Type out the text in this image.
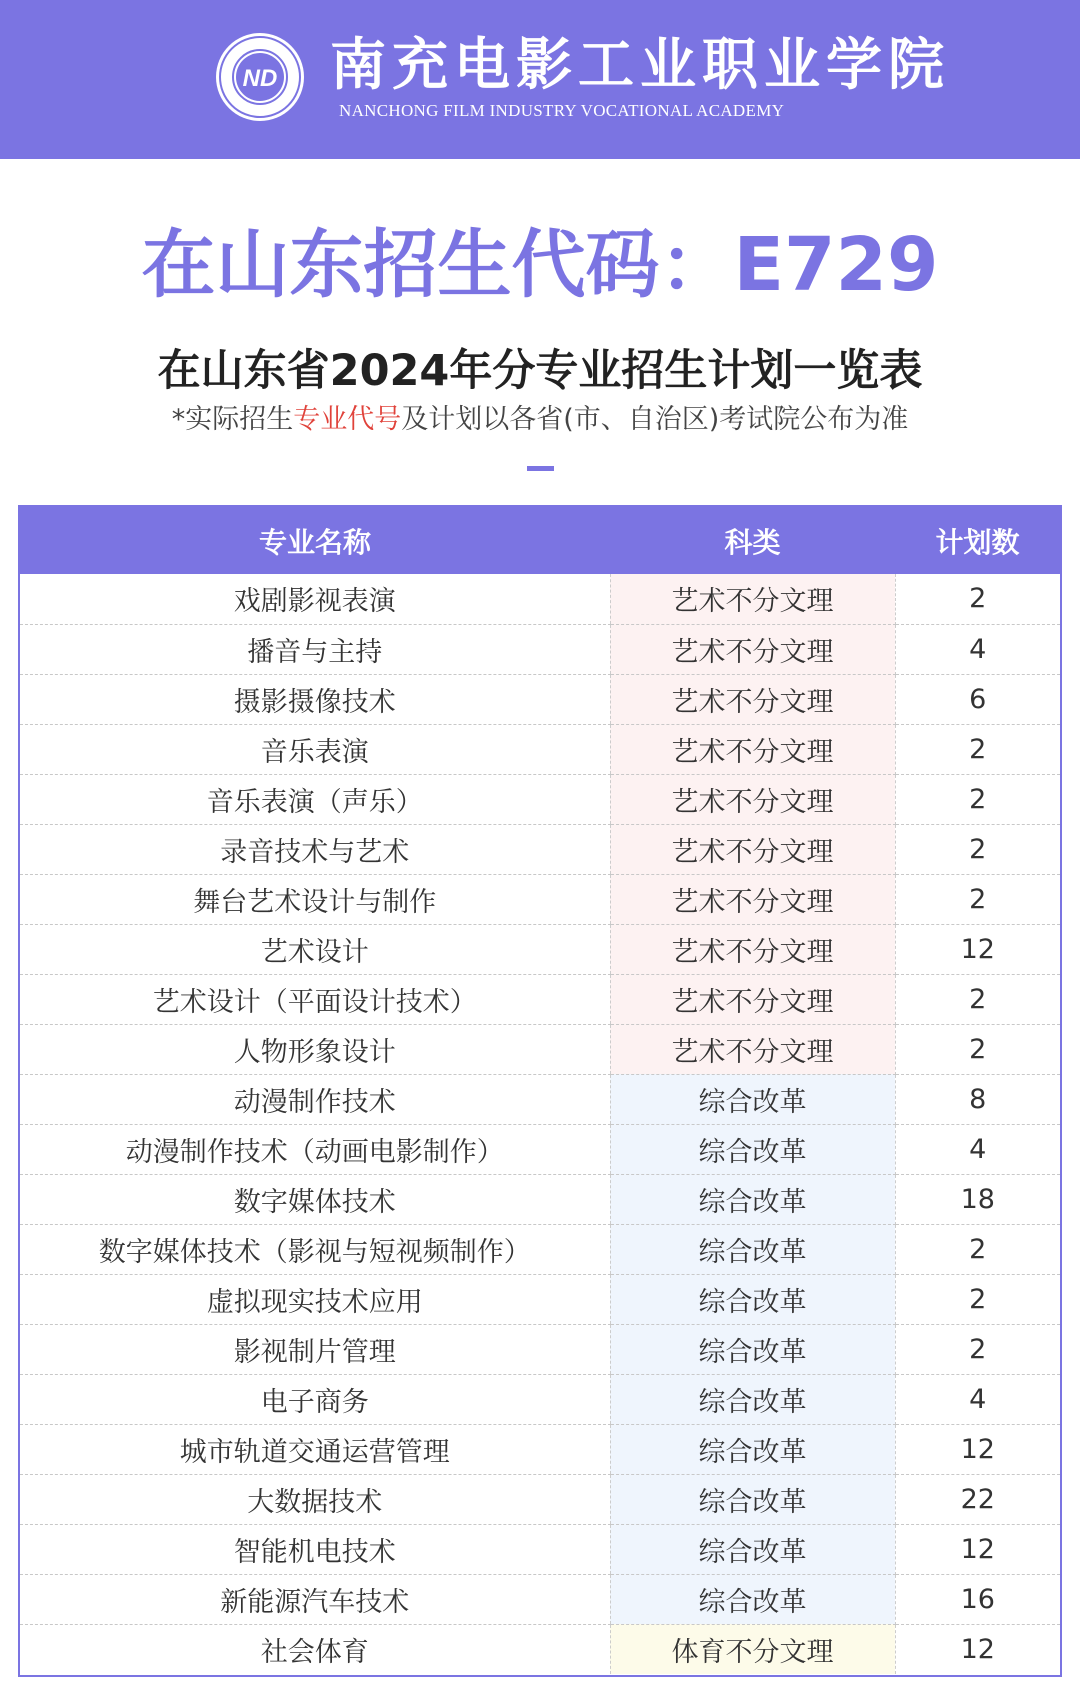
ND 南充电影工业职业学院
NANCHONG FILM INDUSTRY VOCATIONAL ACADEMY
在山东招生代码：E729
在山东省2024年分专业招生计划一览表
*实际招生专业代号及计划以各省(市、自治区)考试院公布为准
专业名称	科类	计划数
戏剧影视表演	艺术不分文理	2
播音与主持	艺术不分文理	4
摄影摄像技术	艺术不分文理	6
音乐表演	艺术不分文理	2
音乐表演（声乐）	艺术不分文理	2
录音技术与艺术	艺术不分文理	2
舞台艺术设计与制作	艺术不分文理	2
艺术设计	艺术不分文理	12
艺术设计（平面设计技术）	艺术不分文理	2
人物形象设计	艺术不分文理	2
动漫制作技术	综合改革	8
动漫制作技术（动画电影制作）	综合改革	4
数字媒体技术	综合改革	18
数字媒体技术（影视与短视频制作）	综合改革	2
虚拟现实技术应用	综合改革	2
影视制片管理	综合改革	2
电子商务	综合改革	4
城市轨道交通运营管理	综合改革	12
大数据技术	综合改革	22
智能机电技术	综合改革	12
新能源汽车技术	综合改革	16
社会体育	体育不分文理	12
